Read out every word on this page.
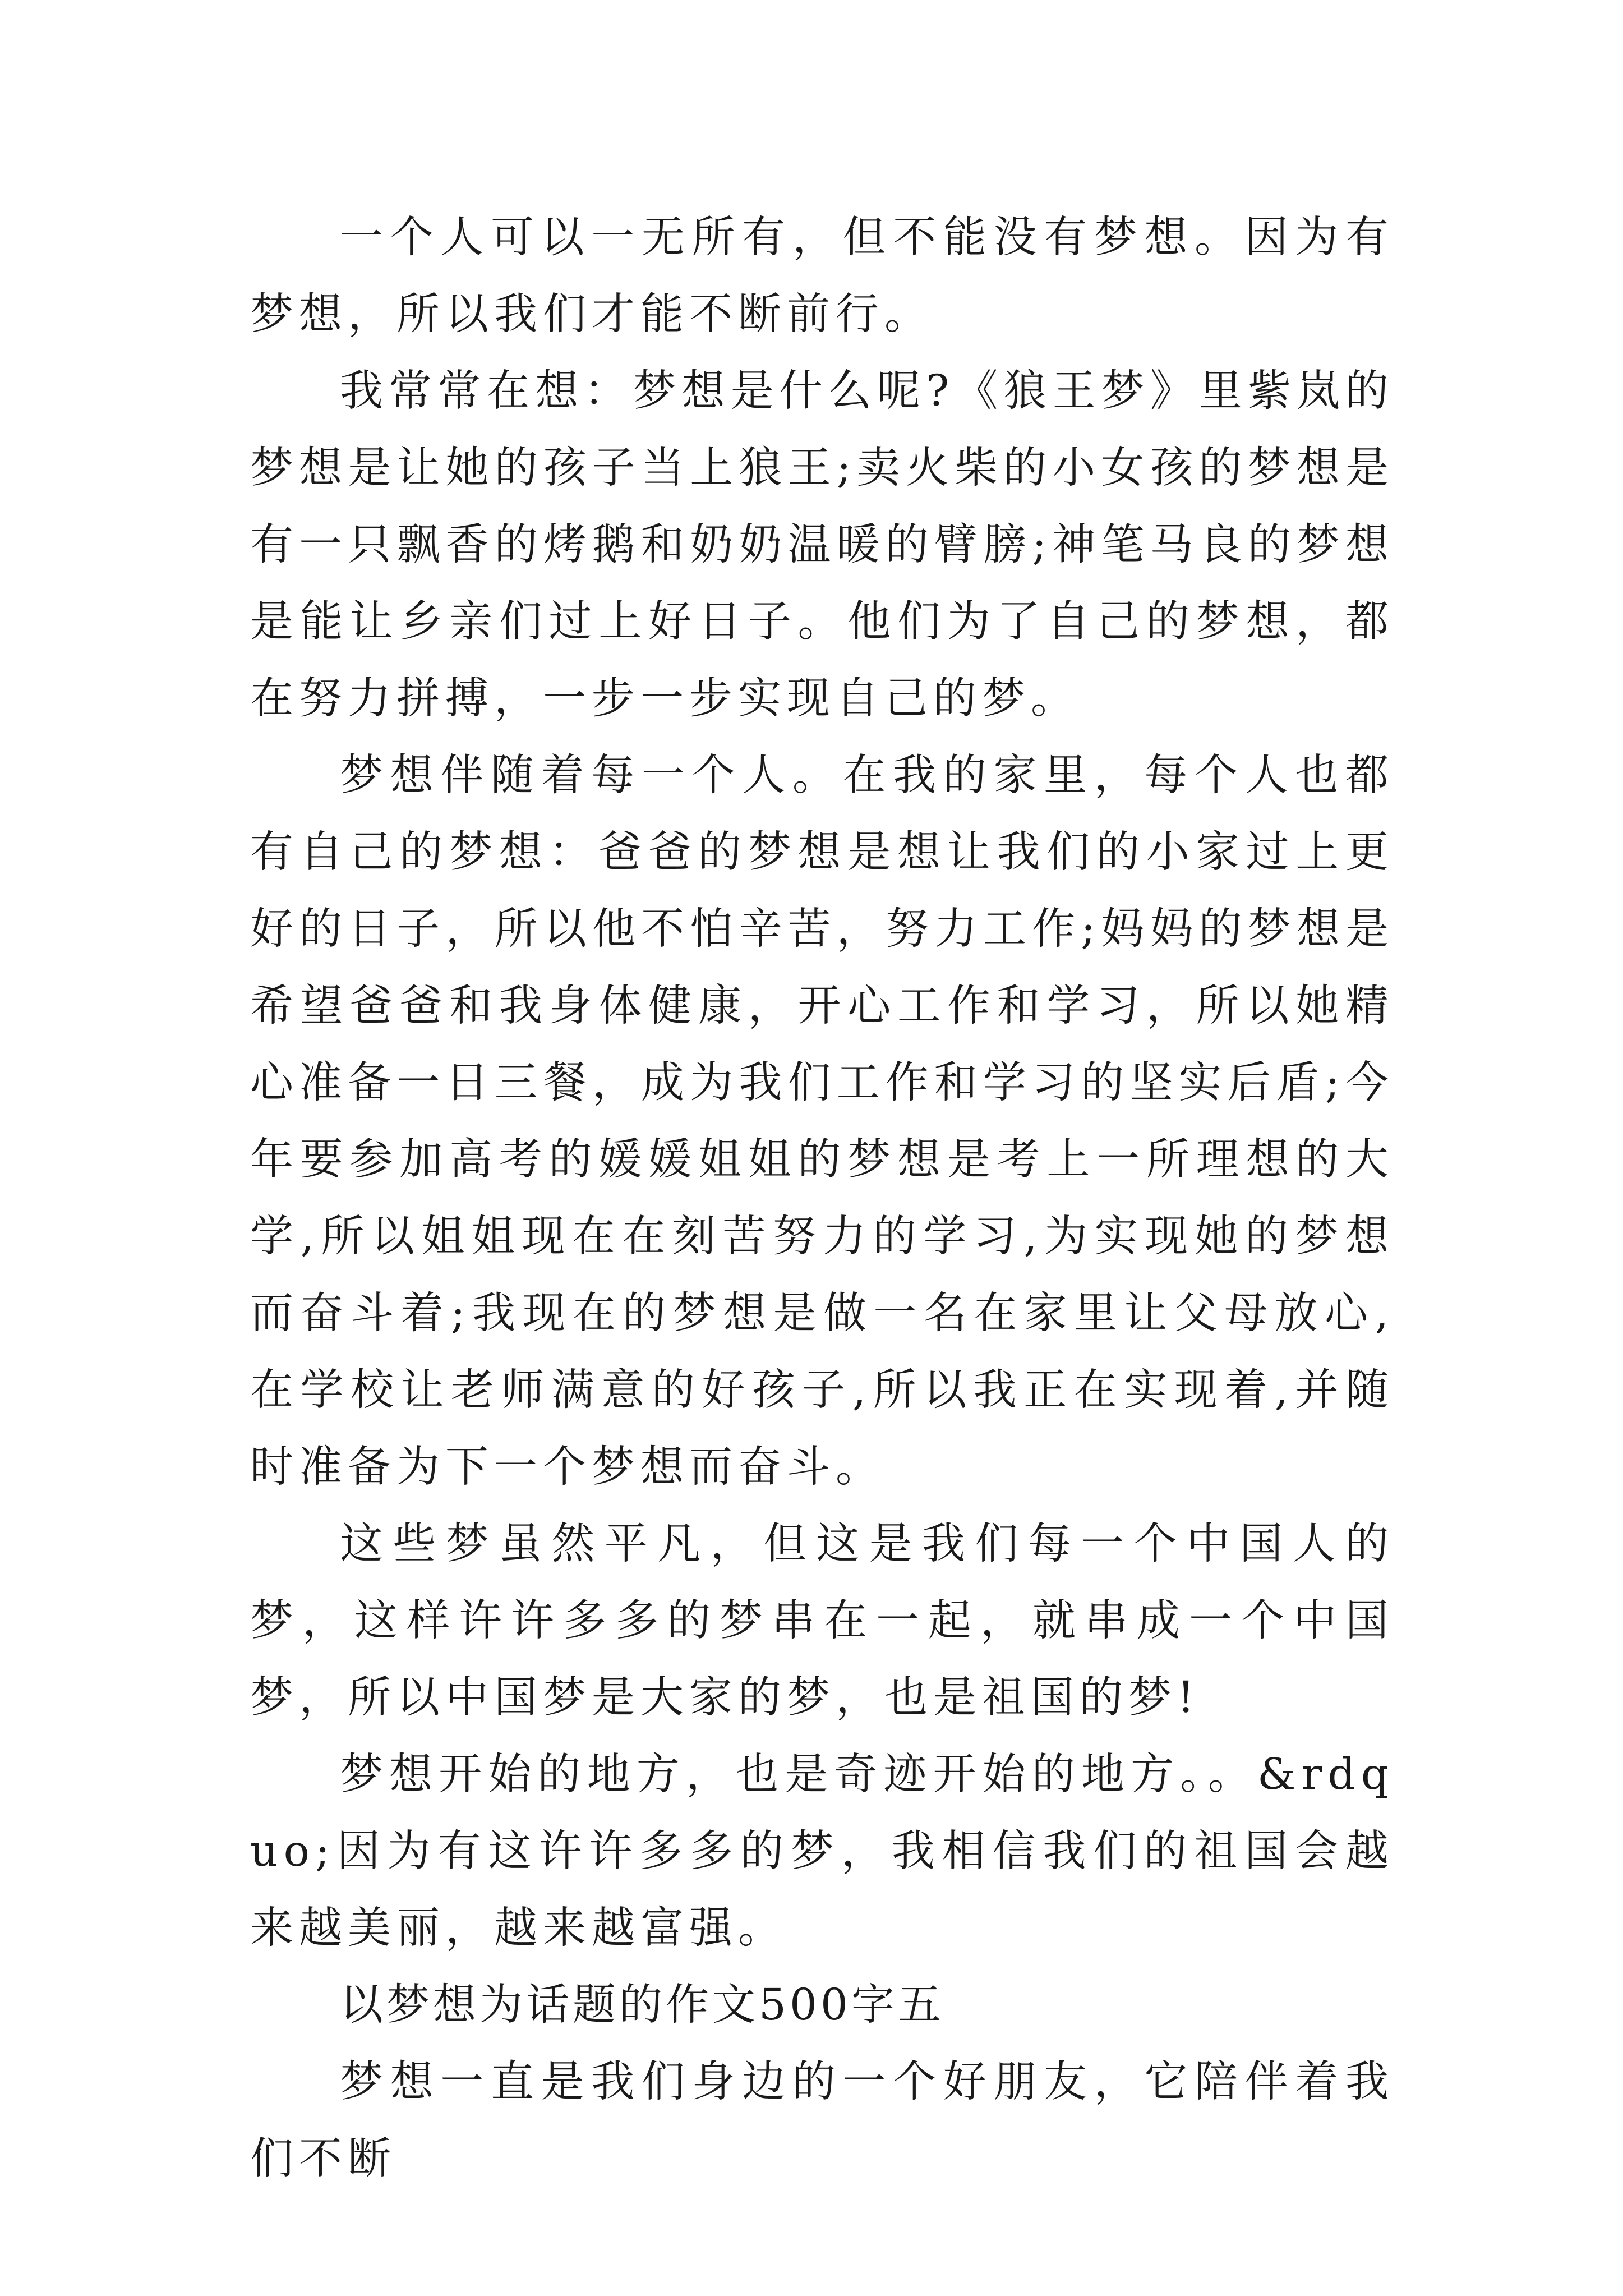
一个人可以一无所有，但不能没有梦想。因为有梦想，所以我们才能不断前行。

我常常在想：梦想是什么呢?《狼王梦》里紫岚的梦想是让她的孩子当上狼王;卖火柴的小女孩的梦想是有一只飘香的烤鹅和奶奶温暖的臂膀;神笔马良的梦想是能让乡亲们过上好日子。他们为了自己的梦想，都在努力拼搏，一步一步实现自己的梦。

梦想伴随着每一个人。在我的家里，每个人也都有自己的梦想：爸爸的梦想是想让我们的小家过上更好的日子，所以他不怕辛苦，努力工作;妈妈的梦想是希望爸爸和我身体健康，开心工作和学习，所以她精心准备一日三餐，成为我们工作和学习的坚实后盾;今年要参加高考的媛媛姐姐的梦想是考上一所理想的大学,所以姐姐现在在刻苦努力的学习,为实现她的梦想而奋斗着;我现在的梦想是做一名在家里让父母放心,在学校让老师满意的好孩子,所以我正在实现着,并随时准备为下一个梦想而奋斗。

这些梦虽然平凡，但这是我们每一个中国人的梦，这样许许多多的梦串在一起，就串成一个中国梦，所以中国梦是大家的梦，也是祖国的梦!

梦想开始的地方，也是奇迹开始的地方。。&rdquo;因为有这许许多多的梦，我相信我们的祖国会越来越美丽，越来越富强。

以梦想为话题的作文500字五

梦想一直是我们身边的一个好朋友，它陪伴着我们不断
